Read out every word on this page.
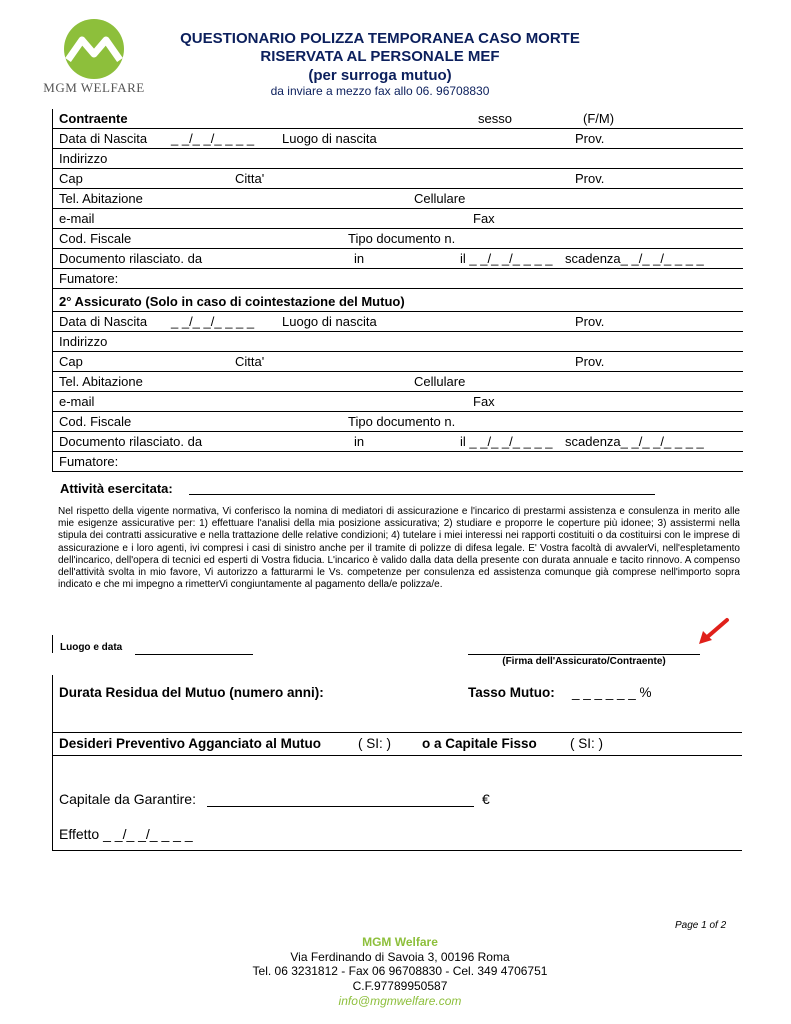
MGM WELFARE
QUESTIONARIO POLIZZA TEMPORANEA CASO MORTE
RISERVATA AL PERSONALE MEF
(per surroga mutuo)
da inviare a mezzo fax allo 06. 96708830
Contraente	sesso	(F/M)
Data di Nascita _ _/_ _/_ _ _ _ Luogo di nascita	Prov.
Indirizzo
Cap	Citta'	Prov.
Tel. Abitazione	Cellulare
e-mail	Fax
Cod. Fiscale	Tipo documento n.
Documento rilasciato. da	in	il _ _/_ _/_ _ _ _ scadenza_ _/_ _/_ _ _ _
Fumatore:
2° Assicurato (Solo in caso di cointestazione del Mutuo)
Data di Nascita _ _/_ _/_ _ _ _ Luogo di nascita	Prov.
Indirizzo
Cap	Citta'	Prov.
Tel. Abitazione	Cellulare
e-mail	Fax
Cod. Fiscale	Tipo documento n.
Documento rilasciato. da	in	il _ _/_ _/_ _ _ _ scadenza_ _/_ _/_ _ _ _
Fumatore:
Attività esercitata:
Nel rispetto della vigente normativa, Vi conferisco la nomina di mediatori di assicurazione e l'incarico di prestarmi assistenza e consulenza in merito alle mie esigenze assicurative per: 1) effettuare l'analisi della mia posizione assicurativa; 2) studiare e proporre le coperture più idonee; 3) assistermi nella stipula dei contratti assicurative e nella trattazione delle relative condizioni; 4) tutelare i miei interessi nei rapporti costituiti o da costituirsi con le imprese di assicurazione e i loro agenti, ivi compresi i casi di sinistro anche per il tramite di polizze di difesa legale. E' Vostra facoltà di avvalerVi, nell'espletamento dell'incarico, dell'opera di tecnici ed esperti di Vostra fiducia. L'incarico è valido dalla data della presente con durata annuale e tacito rinnovo. A compenso dell'attività svolta in mio favore, Vi autorizzo a fatturarmi le Vs. competenze per consulenza ed assistenza comunque già comprese nell'importo sopra indicato e che mi impegno a rimetterVi congiuntamente al pagamento della/e polizza/e.
Luogo e data
(Firma dell'Assicurato/Contraente)
Durata Residua del Mutuo (numero anni):	Tasso Mutuo: _ _ _ _ _ _ %
Desideri Preventivo Agganciato al Mutuo	( SI: ) o a Capitale Fisso ( SI: )
Capitale da Garantire:	€
Effetto _ _/_ _/_ _ _ _
Page 1 of 2
MGM Welfare
Via Ferdinando di Savoia 3, 00196 Roma
Tel. 06 3231812 - Fax 06 96708830 - Cel. 349 4706751
C.F.97789950587
info@mgmwelfare.com
